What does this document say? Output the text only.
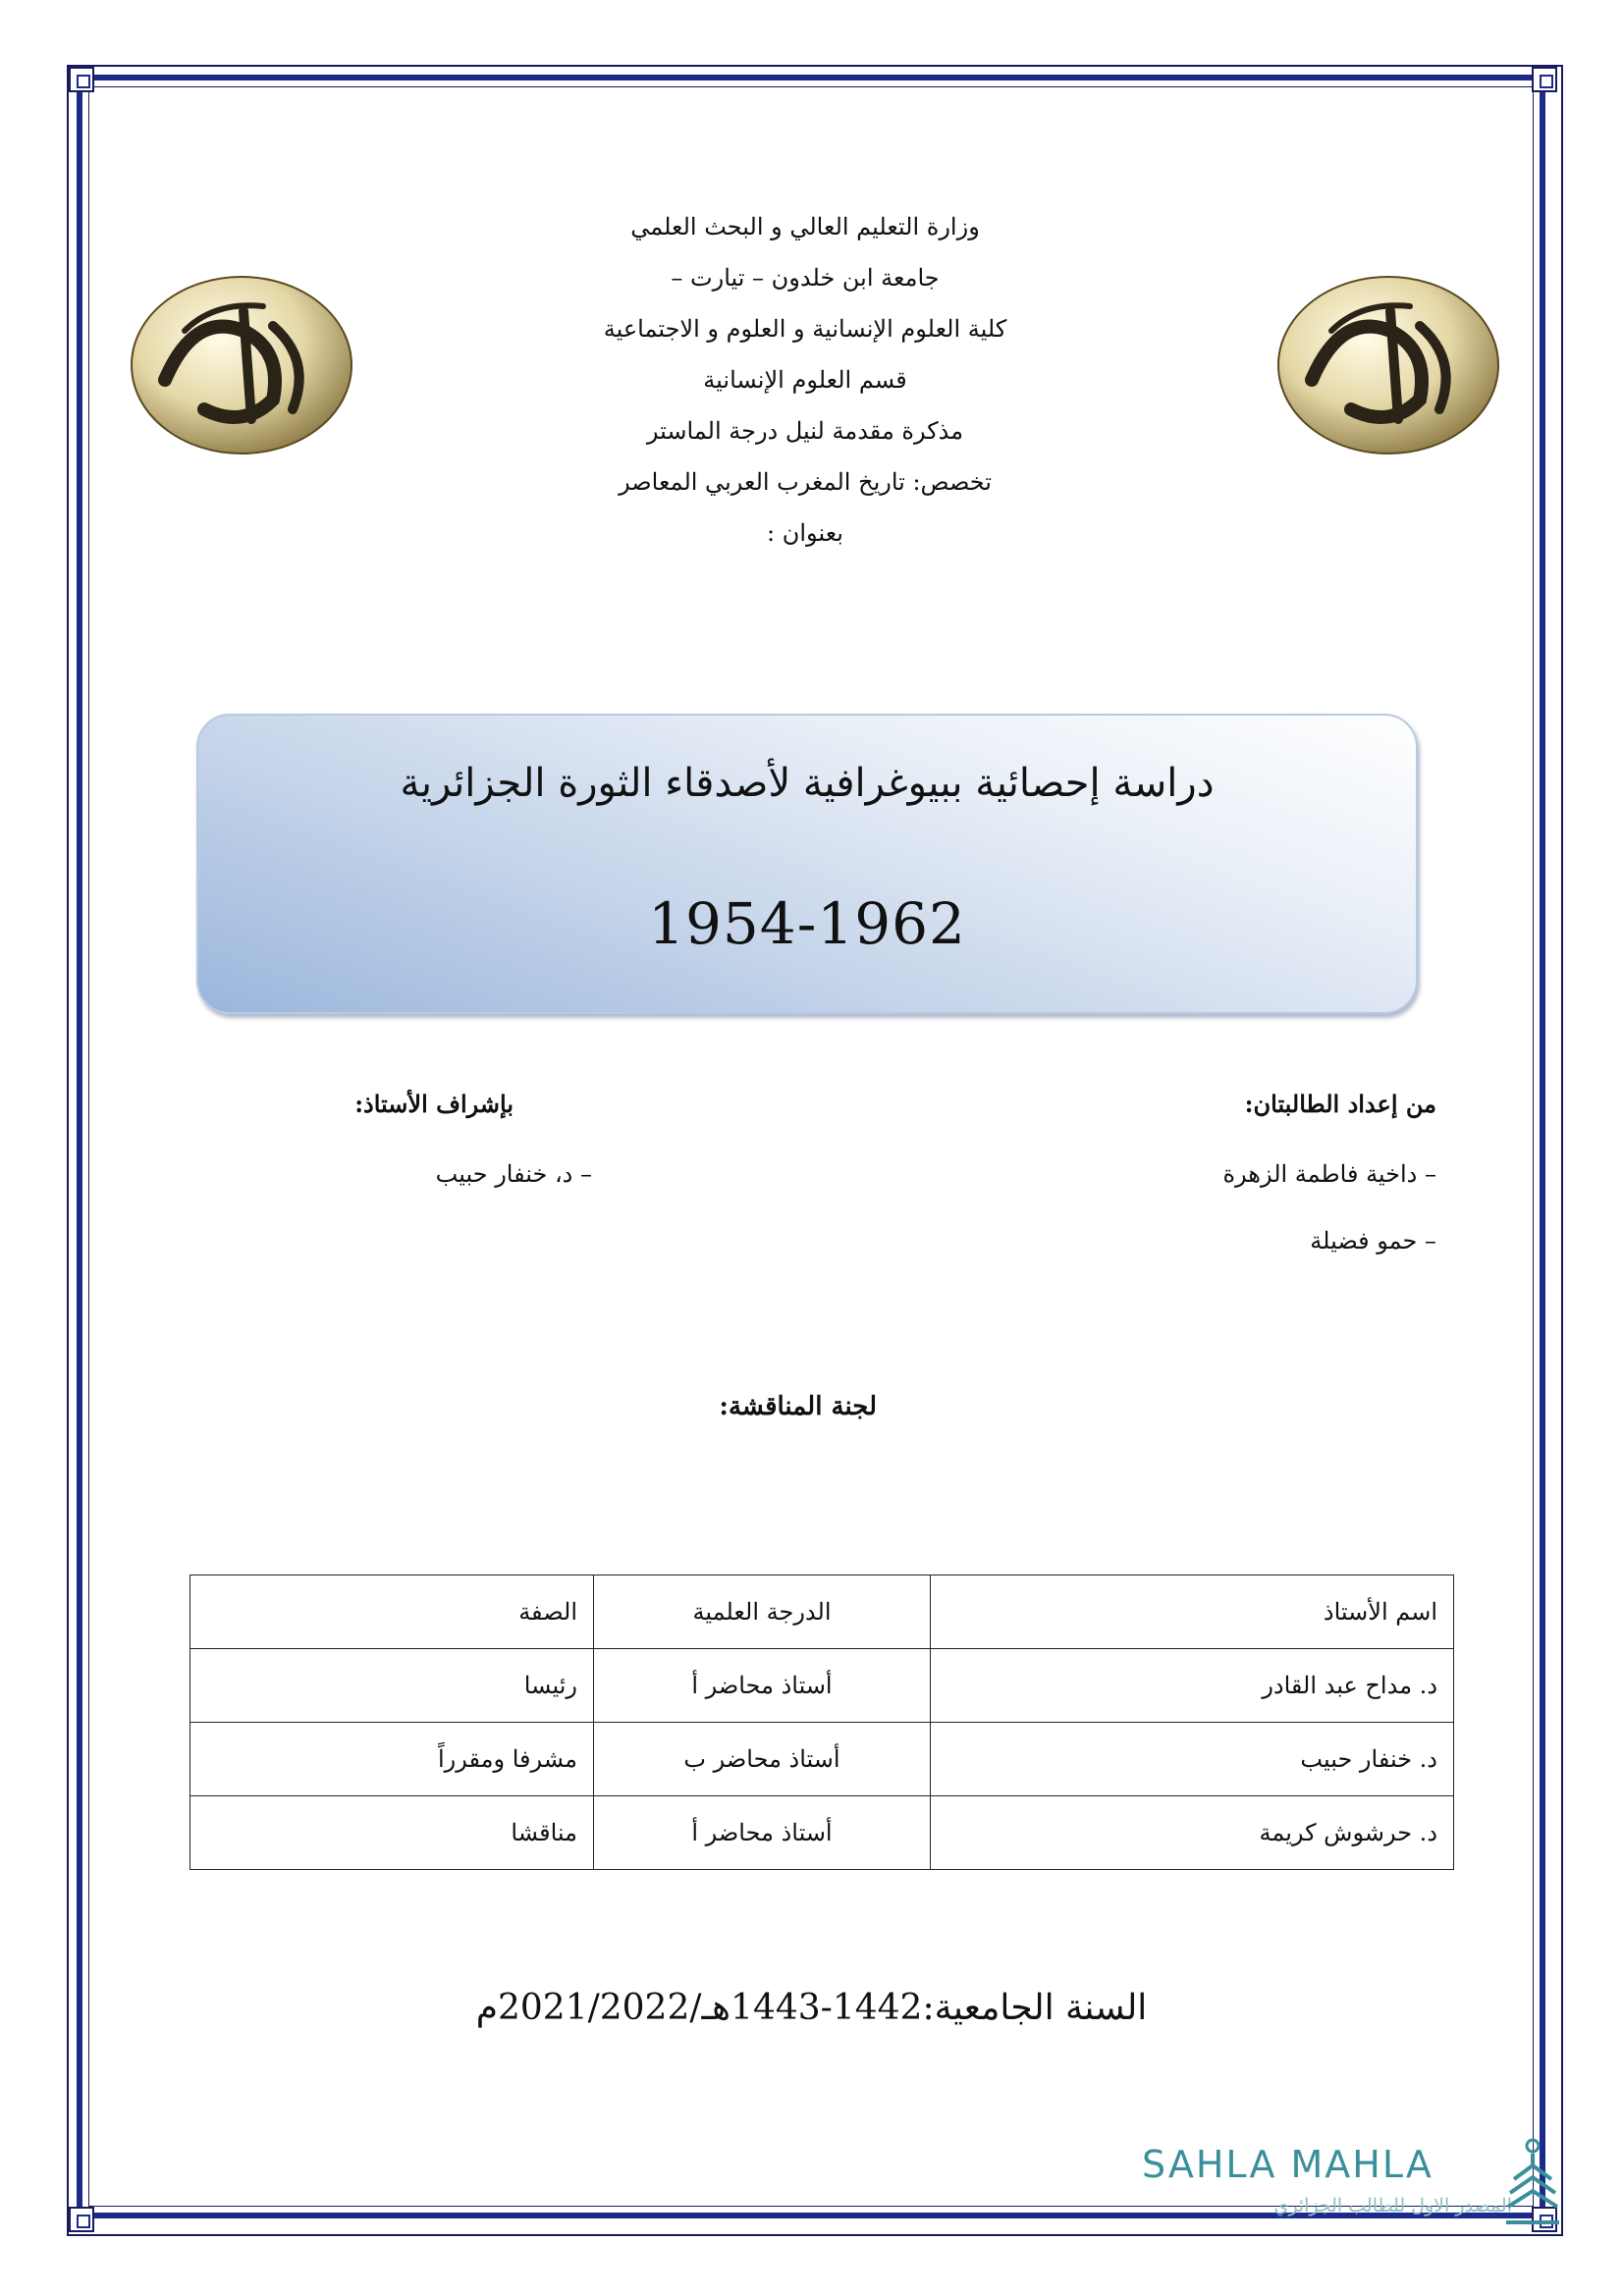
وزارة التعليم العالي و البحث العلمي
جامعة ابن خلدون – تيارت –
كلية العلوم الإنسانية و العلوم و الاجتماعية
قسم العلوم الإنسانية
مذكرة مقدمة لنيل درجة الماستر
تخصص: تاريخ المغرب العربي المعاصر
بعنوان :
دراسة إحصائية ببيوغرافية لأصدقاء الثورة الجزائرية
1954-1962
من إعداد الطالبتان:
– داخية فاطمة الزهرة
– حمو فضيلة
بإشراف الأستاذ:
– د، خنفار حبيب
لجنة المناقشة:
اسم الأستاذ	الدرجة العلمية	الصفة
د. مداح عبد القادر	أستاذ محاضر أ	رئيسا
د. خنفار حبيب	أستاذ محاضر ب	مشرفا ومقرراً
د. حرشوش كريمة	أستاذ محاضر أ	مناقشا
السنة الجامعية:1442-1443هـ/2021/2022م
SAHLA MAHLA
المصدر الاول للطالب الجزائري
